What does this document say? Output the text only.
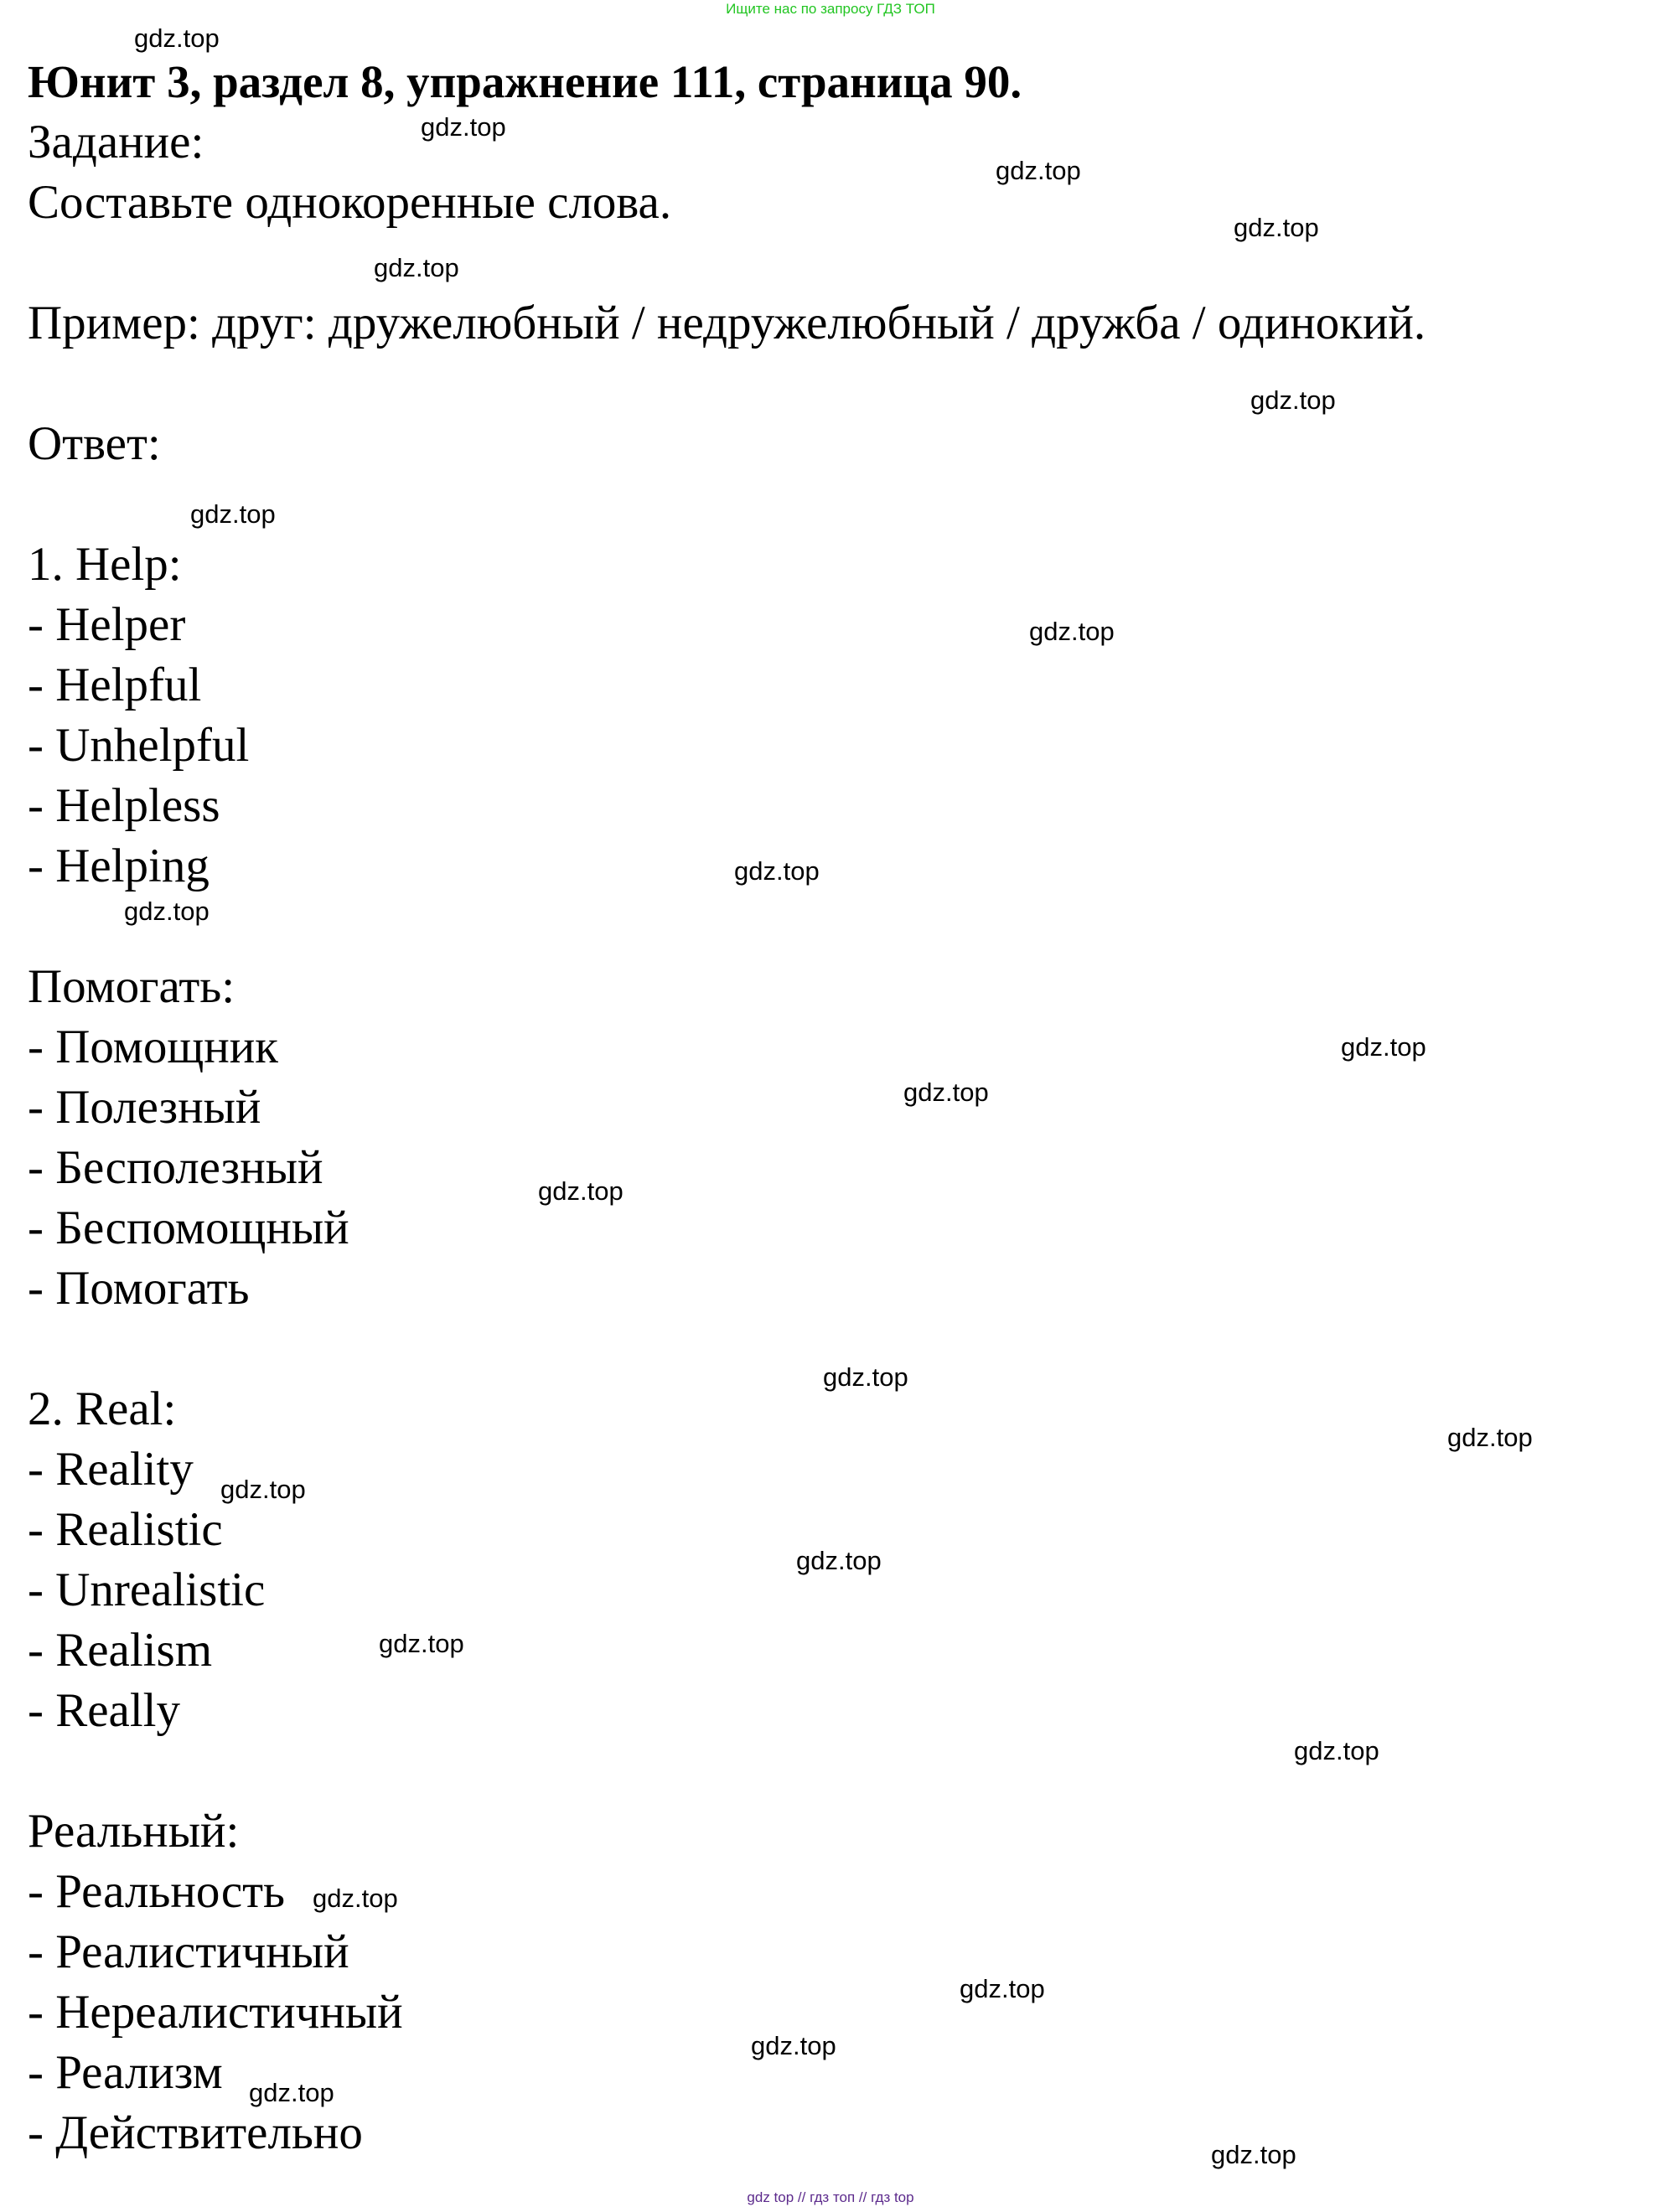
Ищите нас по запросу ГДЗ ТОП
Юнит 3, раздел 8, упражнение 111, страница 90.
Задание:
Составьте однокоренные слова.
Пример: друг: дружелюбный / недружелюбный / дружба / одинокий.
Ответ:
1. Help:
- Helper
- Helpful
- Unhelpful
- Helpless
- Helping
Помогать:
- Помощник
- Полезный
- Бесполезный
- Беспомощный
- Помогать
2. Real:
- Reality
- Realistic
- Unrealistic
- Realism
- Really
Реальный:
- Реальность
- Реалистичный
- Нереалистичный
- Реализм
- Действительно
gdz.top
gdz.top
gdz.top
gdz.top
gdz.top
gdz.top
gdz.top
gdz.top
gdz.top
gdz.top
gdz.top
gdz.top
gdz.top
gdz.top
gdz.top
gdz.top
gdz.top
gdz.top
gdz.top
gdz.top
gdz.top
gdz.top
gdz.top
gdz.top
gdz top // гдз топ // гдз top
